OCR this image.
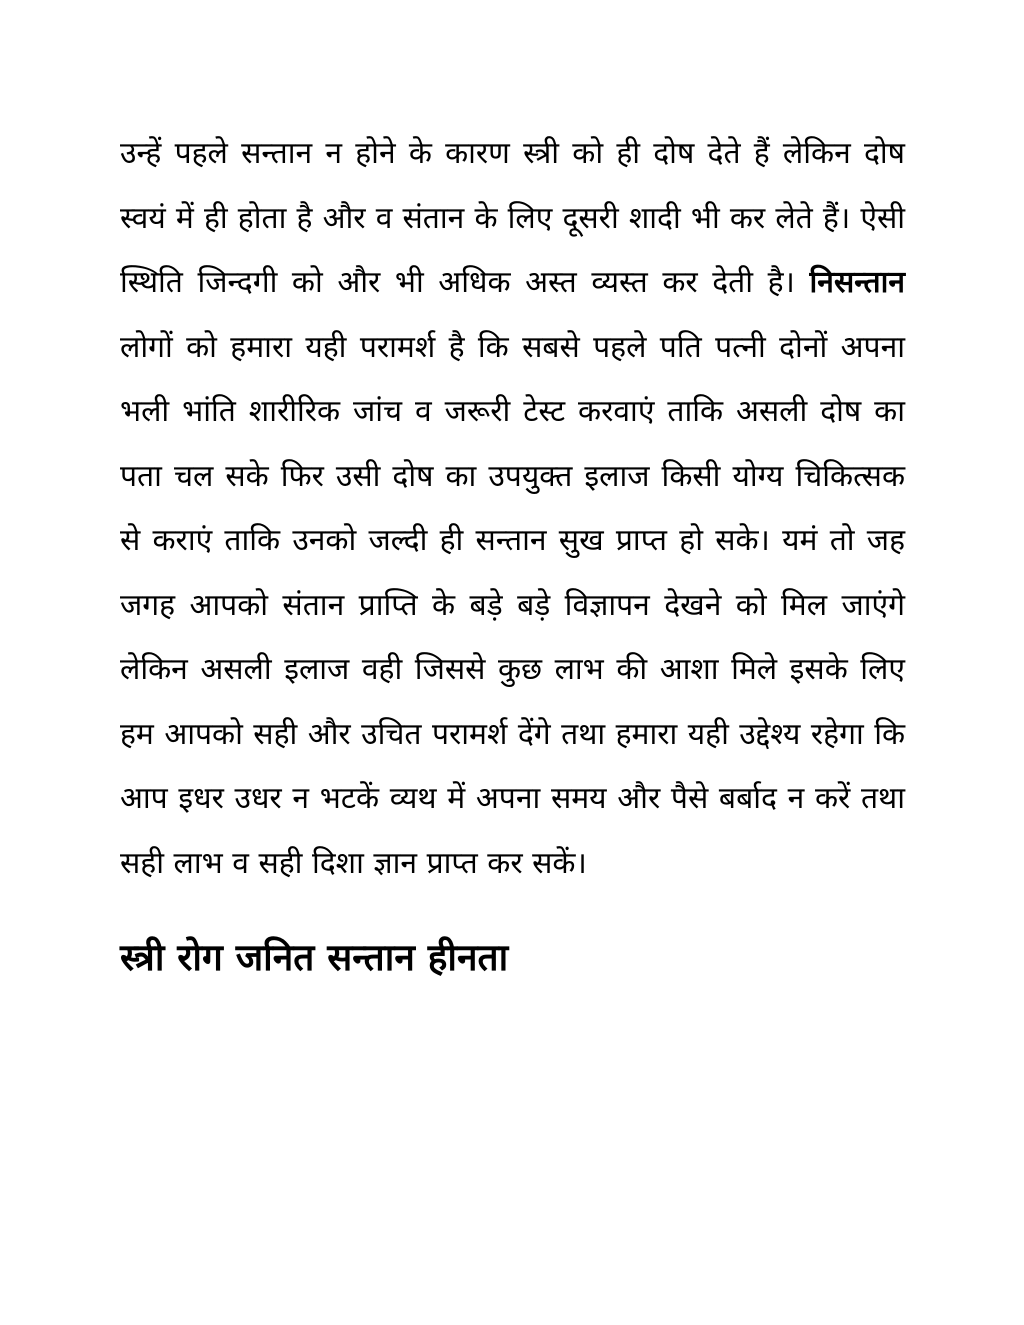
उन्हें पहले सन्तान न होने के कारण स्त्री को ही दोष देते हैं लेकिन दोष स्वयं में ही होता है और व संतान के लिए दूसरी शादी भी कर लेते हैं। ऐसी स्थिति जिन्दगी को और भी अधिक अस्त व्यस्त कर देती है। निसन्तान लोगों को हमारा यही परामर्श है कि सबसे पहले पति पत्नी दोनों अपना भली भांति शारीरिक जांच व जरूरी टेस्ट करवाएं ताकि असली दोष का पता चल सके फिर उसी दोष का उपयुक्त इलाज किसी योग्य चिकित्सक से कराएं ताकि उनको जल्दी ही सन्तान सुख प्राप्त हो सके। यमं तो जह जगह आपको संतान प्राप्ति के बड़े बड़े विज्ञापन देखने को मिल जाएंगे लेकिन असली इलाज वही जिससे कुछ लाभ की आशा मिले इसके लिए हम आपको सही और उचित परामर्श देंगे तथा हमारा यही उद्देश्य रहेगा कि आप इधर उधर न भटकें व्यथ में अपना समय और पैसे बर्बाद न करें तथा सही लाभ व सही दिशा ज्ञान प्राप्त कर सकें।

स्त्री रोग जनित सन्तान हीनता
